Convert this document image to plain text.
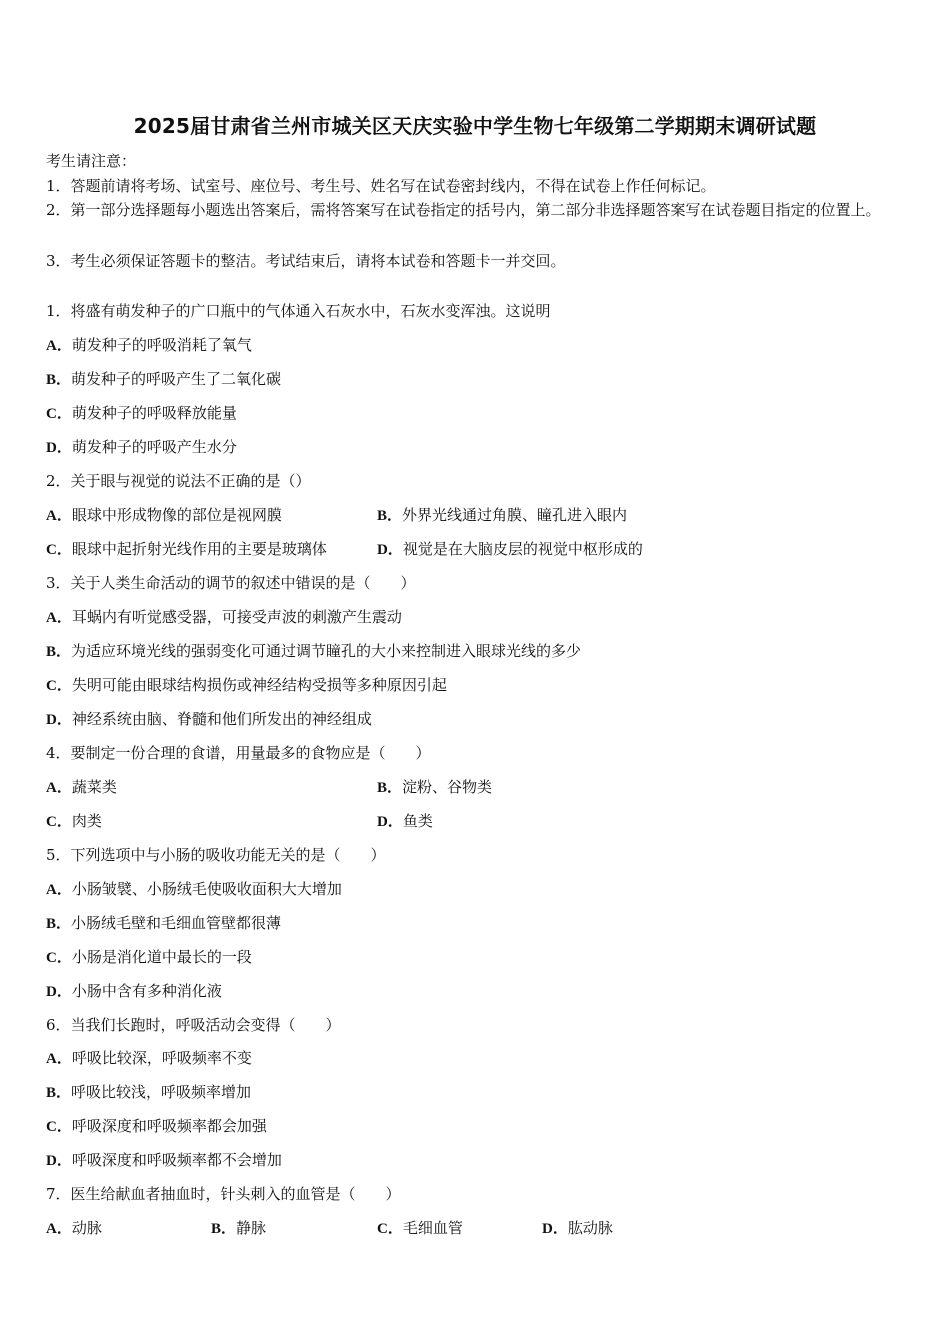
2025届甘肃省兰州市城关区天庆实验中学生物七年级第二学期期末调研试题
考生请注意：
1．答题前请将考场、试室号、座位号、考生号、姓名写在试卷密封线内，不得在试卷上作任何标记。
2．第一部分选择题每小题选出答案后，需将答案写在试卷指定的括号内，第二部分非选择题答案写在试卷题目指定的位置上。
3．考生必须保证答题卡的整洁。考试结束后，请将本试卷和答题卡一并交回。
1．将盛有萌发种子的广口瓶中的气体通入石灰水中，石灰水变浑浊。这说明
A．萌发种子的呼吸消耗了氧气
B．萌发种子的呼吸产生了二氧化碳
C．萌发种子的呼吸释放能量
D．萌发种子的呼吸产生水分
2．关于眼与视觉的说法不正确的是（）
A．眼球中形成物像的部位是视网膜	B．外界光线通过角膜、瞳孔进入眼内
C．眼球中起折射光线作用的主要是玻璃体	D．视觉是在大脑皮层的视觉中枢形成的
3．关于人类生命活动的调节的叙述中错误的是（　　）
A．耳蜗内有听觉感受器，可接受声波的刺激产生震动
B．为适应环境光线的强弱变化可通过调节瞳孔的大小来控制进入眼球光线的多少
C．失明可能由眼球结构损伤或神经结构受损等多种原因引起
D．神经系统由脑、脊髓和他们所发出的神经组成
4．要制定一份合理的食谱，用量最多的食物应是（　　）
A．蔬菜类	B．淀粉、谷物类
C．肉类	D．鱼类
5．下列选项中与小肠的吸收功能无关的是（　　）
A．小肠皱襞、小肠绒毛使吸收面积大大增加
B．小肠绒毛壁和毛细血管壁都很薄
C．小肠是消化道中最长的一段
D．小肠中含有多种消化液
6．当我们长跑时，呼吸活动会变得（　　）
A．呼吸比较深，呼吸频率不变
B．呼吸比较浅，呼吸频率增加
C．呼吸深度和呼吸频率都会加强
D．呼吸深度和呼吸频率都不会增加
7．医生给献血者抽血时，针头刺入的血管是（　　）
A．动脉	B．静脉	C．毛细血管	D．肱动脉
